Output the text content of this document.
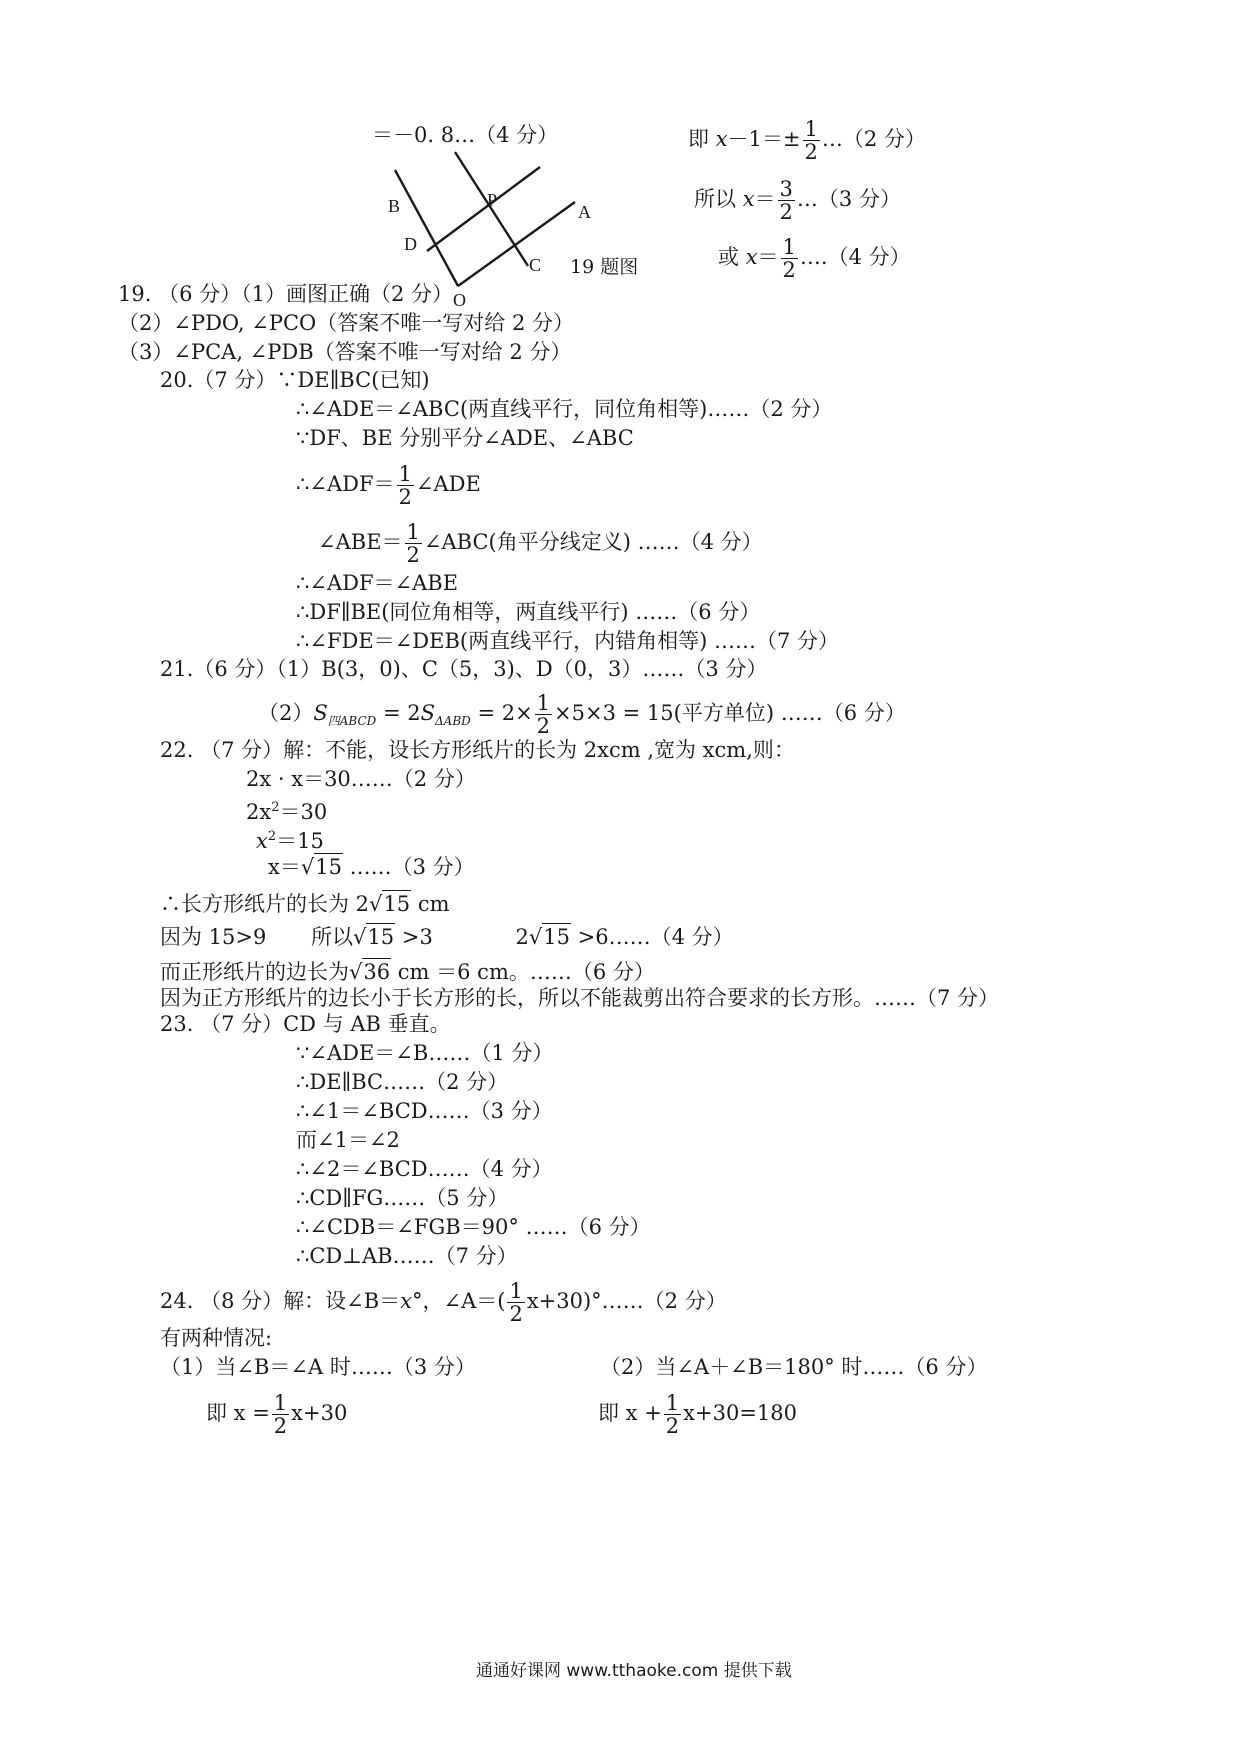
＝－0. 8…（4 分）	即 $x-1=\pm \frac{1}{2}$ …（2 分）
所以 $x= \frac{3}{2}$ …（3 分）
或 $x= \frac{1}{2}$ ….（4 分）
B	P
A
D
C
O
19 题图
19. （6 分）（1）画图正确（2 分）
（2）∠PDO, ∠PCO（答案不唯一写对给 2 分）
（3）∠PCA, ∠PDB（答案不唯一写对给 2 分）
20.（7 分）∵DE∥BC(已知)
∴∠ADE＝∠ABC(两直线平行，同位角相等)……（2 分）
∵DF、BE 分别平分∠ADE、∠ABC
∴∠ADF＝ $\frac{1}{2}$ ∠ADE
∠ABE＝ $\frac{1}{2}$ ∠ABC(角平分线定义) ……（4 分）
∴∠ADF＝∠ABE
∴DF∥BE(同位角相等，两直线平行) ……（6 分）
∴∠FDE＝∠DEB(两直线平行，内错角相等) ……（7 分）
21.（6 分）（1）B(3，0)、C（5，3)、D（0，3）……（3 分）
$(2)S_{四ABCD} = 2S_{\Delta ABD} = 2\times \frac{1}{2} \times 5\times 3 = 15$(平方单位) ……（6 分）
22. （7 分）解：不能，设长方形纸片的长为 2xcm ,宽为 xcm,则：
2x · x＝30……（2 分）
$2x^2=30$
$x^2=15$
x＝√15 ……（3 分）
∴长方形纸片的长为 2√15 cm
因为 15>9 所以√15 >3	2√15 >6……（4 分）
而正形纸片的边长为√36 cm ＝6 cm。……（6 分）
因为正方形纸片的边长小于长方形的长，所以不能裁剪出符合要求的长方形。……（7 分）
23. （7 分）CD 与 AB 垂直。
∵∠ADE＝∠B……（1 分）
∴DE∥BC……（2 分）
∴∠1＝∠BCD……（3 分）
而∠1＝∠2
∴∠2＝∠BCD……（4 分）
∴CD∥FG……（5 分）
∴∠CDB＝∠FGB＝90° ……（6 分）
∴CD⊥AB……（7 分）
24. （8 分）解：设∠B＝x°，∠A＝( $\frac{1}{2}$ x+30)°……（2 分）
有两种情况:
（1）当∠B＝∠A 时……（3 分）	（2）当∠A＋∠B＝180° 时……（6 分）
即 $x = \frac{1}{2} x+30$	即 $x + \frac{1}{2} x+30=180$
通通好课网 www.tthaoke.com 提供下载
